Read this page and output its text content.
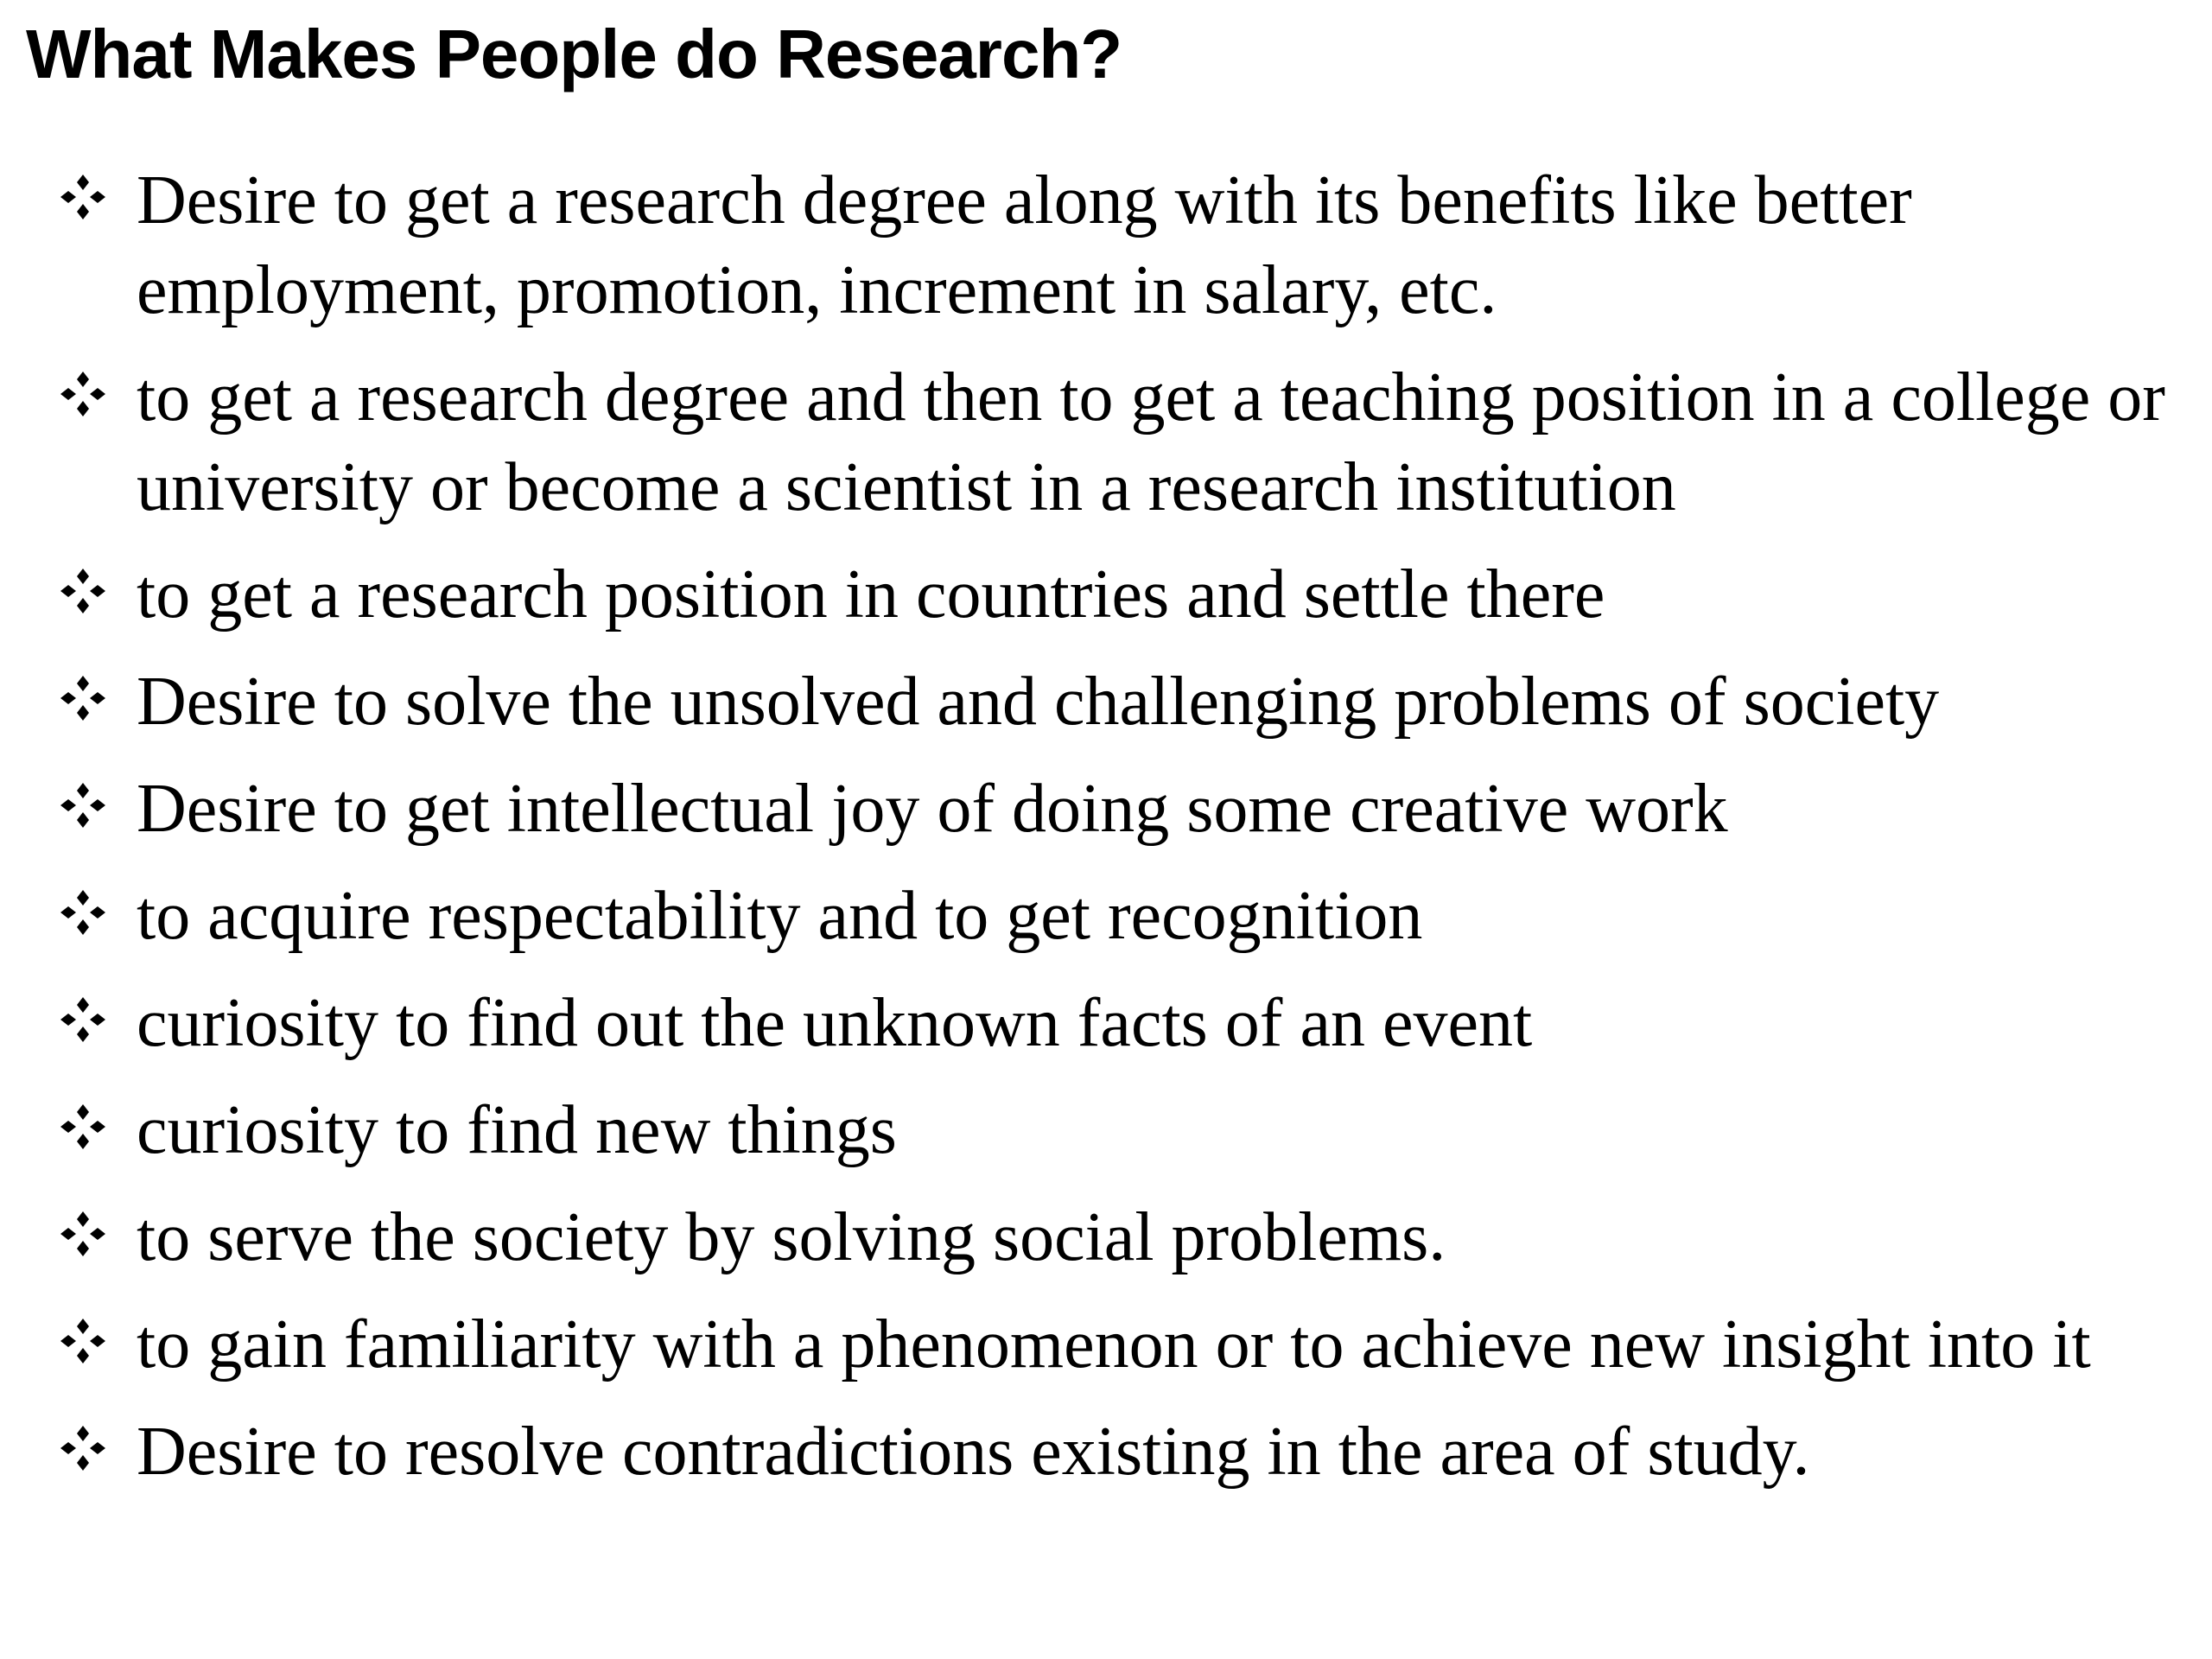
What Makes People do Research?
Desire to get a research degree along with its benefits like better employment, promotion, increment in salary, etc.
to get a research degree and then to get a teaching position in a college or university or become a scientist in a research institution
to get a research position in countries and settle there
Desire to solve the unsolved and challenging problems of society
Desire to get intellectual joy of doing some creative work
to acquire respectability and to get recognition
curiosity to find out the unknown facts of an event
curiosity to find new things
to serve the society by solving social problems.
to gain familiarity with a phenomenon or to achieve new insight into it
Desire to resolve contradictions existing in the area of study.
